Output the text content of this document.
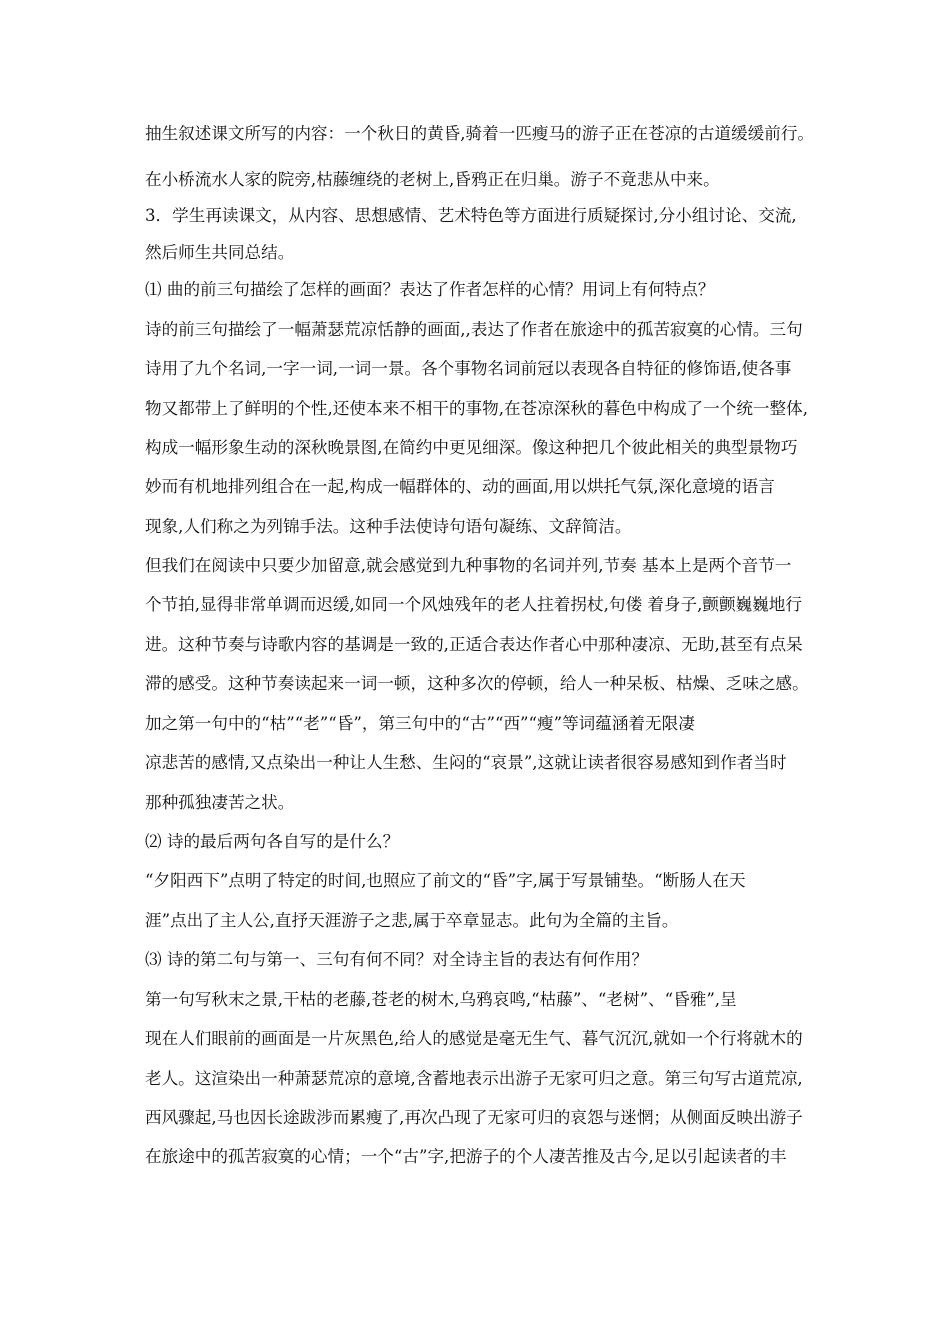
抽生叙述课文所写的内容：一个秋日的黄昏,骑着一匹瘦马的游子正在苍凉的古道缓缓前行。
在小桥流水人家的院旁,枯藤缠绕的老树上,昏鸦正在归巢。游子不竟悲从中来。
3．学生再读课文，从内容、思想感情、艺术特色等方面进行质疑探讨,分小组讨论、交流,
然后师生共同总结。
⑴ 曲的前三句描绘了怎样的画面？表达了作者怎样的心情？用词上有何特点？
诗的前三句描绘了一幅萧瑟荒凉恬静的画面,,表达了作者在旅途中的孤苦寂寞的心情。三句
诗用了九个名词,一字一词,一词一景。各个事物名词前冠以表现各自特征的修饰语,使各事
物又都带上了鲜明的个性,还使本来不相干的事物,在苍凉深秋的暮色中构成了一个统一整体,
构成一幅形象生动的深秋晚景图,在简约中更见细深。像这种把几个彼此相关的典型景物巧
妙而有机地排列组合在一起,构成一幅群体的、动的画面,用以烘托气氛,深化意境的语言
现象,人们称之为列锦手法。这种手法使诗句语句凝练、文辞简洁。
但我们在阅读中只要少加留意,就会感觉到九种事物的名词并列,节奏 基本上是两个音节一
个节拍,显得非常单调而迟缓,如同一个风烛残年的老人拄着拐杖,句偻 着身子,颤颤巍巍地行
进。这种节奏与诗歌内容的基调是一致的,正适合表达作者心中那种凄凉、无助,甚至有点呆
滞的感受。这种节奏读起来一词一顿，这种多次的停顿，给人一种呆板、枯燥、乏味之感。
加之第一句中的“枯”“老”“昏”，第三句中的“古”“西”“瘦”等词蕴涵着无限凄
凉悲苦的感情,又点染出一种让人生愁、生闷的“哀景”,这就让读者很容易感知到作者当时
那种孤独凄苦之状。
⑵ 诗的最后两句各自写的是什么？
“夕阳西下”点明了特定的时间,也照应了前文的“昏”字,属于写景铺垫。“断肠人在天
涯”点出了主人公,直抒天涯游子之悲,属于卒章显志。此句为全篇的主旨。
⑶ 诗的第二句与第一、三句有何不同？对全诗主旨的表达有何作用？
第一句写秋末之景,干枯的老藤,苍老的树木,乌鸦哀鸣,“枯藤”、“老树”、“昏雅”,呈
现在人们眼前的画面是一片灰黑色,给人的感觉是毫无生气、暮气沉沉,就如一个行将就木的
老人。这渲染出一种萧瑟荒凉的意境,含蓄地表示出游子无家可归之意。第三句写古道荒凉,
西风骤起,马也因长途跋涉而累瘦了,再次凸现了无家可归的哀怨与迷惘；从侧面反映出游子
在旅途中的孤苦寂寞的心情；一个“古”字,把游子的个人凄苦推及古今,足以引起读者的丰
